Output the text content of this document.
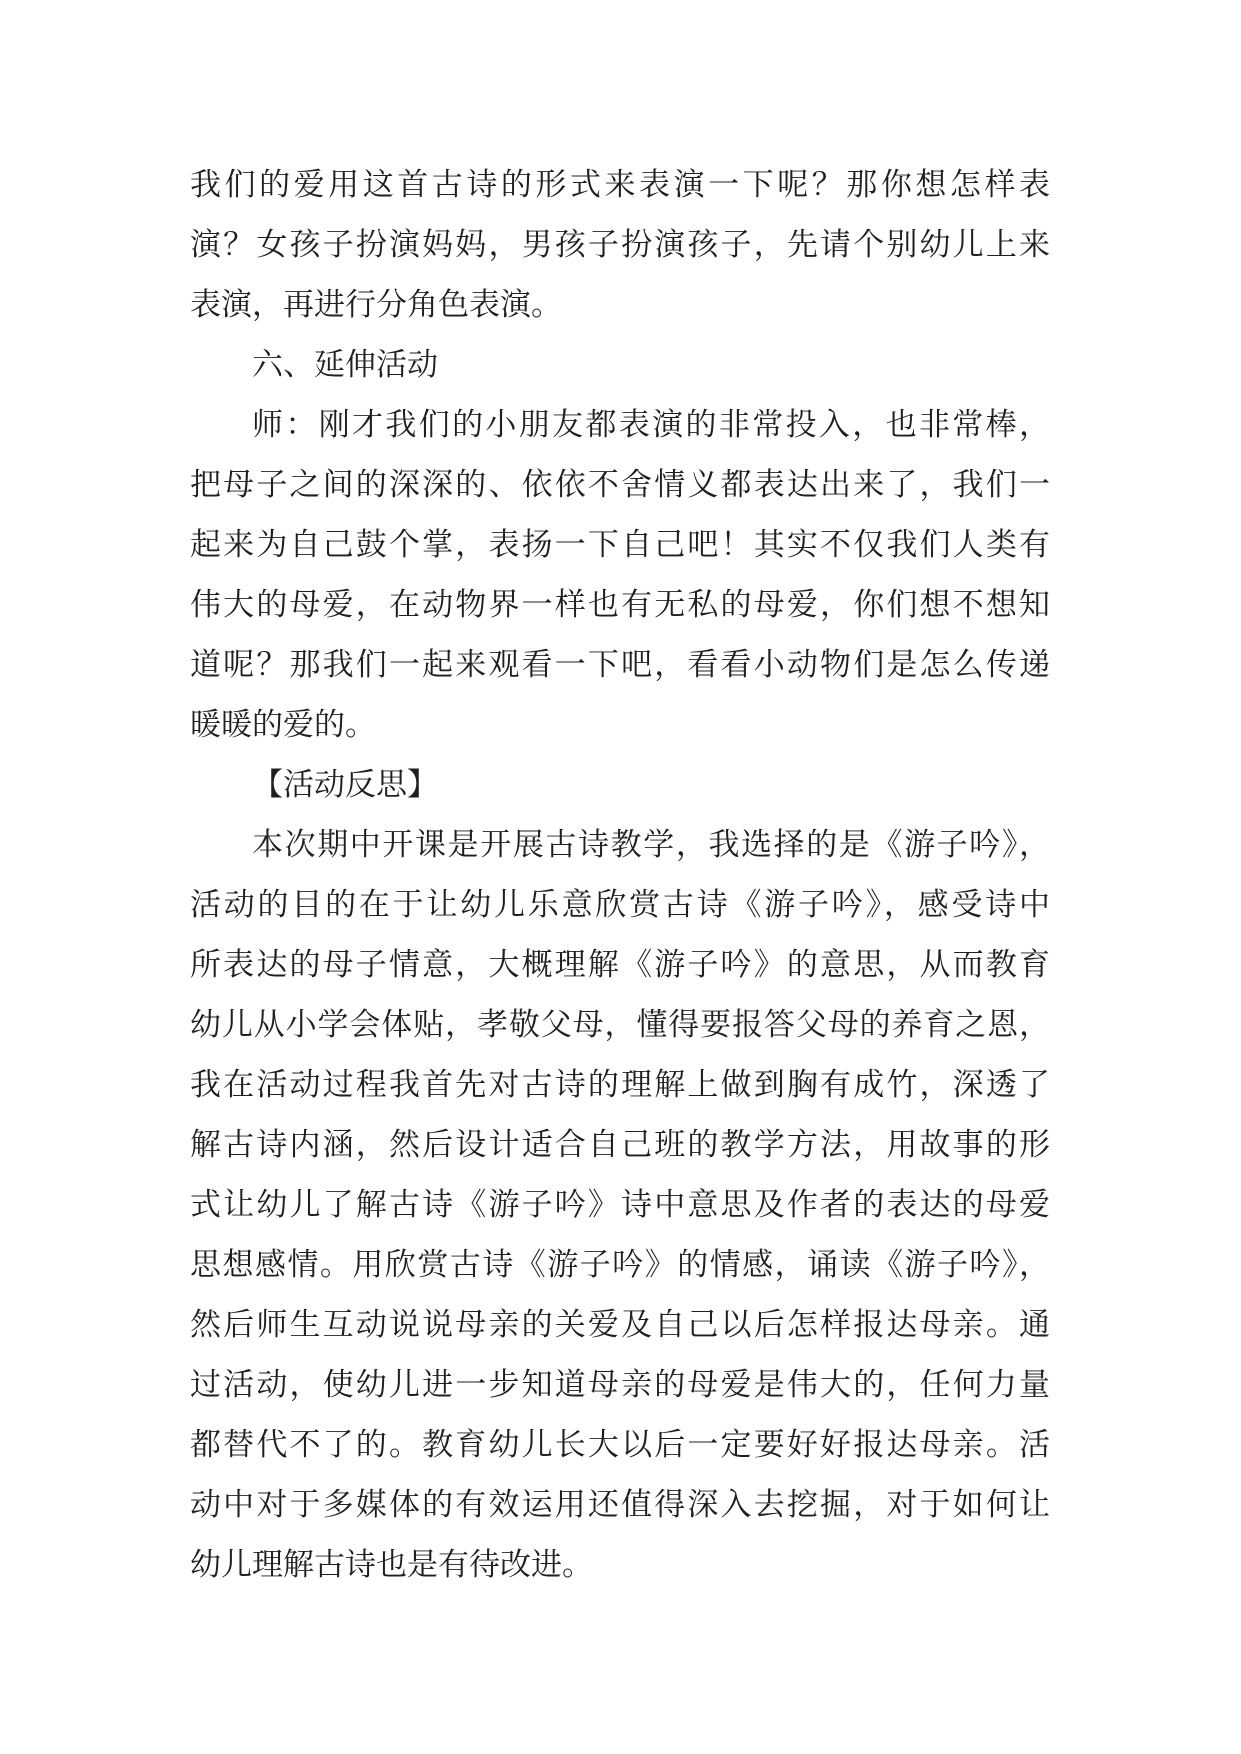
我们的爱用这首古诗的形式来表演一下呢？那你想怎样表
演？女孩子扮演妈妈，男孩子扮演孩子，先请个别幼儿上来
表演，再进行分角色表演。
六、延伸活动
师：刚才我们的小朋友都表演的非常投入，也非常棒，
把母子之间的深深的、依依不舍情义都表达出来了，我们一
起来为自己鼓个掌，表扬一下自己吧！其实不仅我们人类有
伟大的母爱，在动物界一样也有无私的母爱，你们想不想知
道呢？那我们一起来观看一下吧，看看小动物们是怎么传递
暖暖的爱的。
【活动反思】
本次期中开课是开展古诗教学，我选择的是《游子吟》，
活动的目的在于让幼儿乐意欣赏古诗《游子吟》，感受诗中
所表达的母子情意，大概理解《游子吟》的意思，从而教育
幼儿从小学会体贴，孝敬父母，懂得要报答父母的养育之恩，
我在活动过程我首先对古诗的理解上做到胸有成竹，深透了
解古诗内涵，然后设计适合自己班的教学方法，用故事的形
式让幼儿了解古诗《游子吟》诗中意思及作者的表达的母爱
思想感情。用欣赏古诗《游子吟》的情感，诵读《游子吟》，
然后师生互动说说母亲的关爱及自己以后怎样报达母亲。通
过活动，使幼儿进一步知道母亲的母爱是伟大的，任何力量
都替代不了的。教育幼儿长大以后一定要好好报达母亲。活
动中对于多媒体的有效运用还值得深入去挖掘，对于如何让
幼儿理解古诗也是有待改进。
